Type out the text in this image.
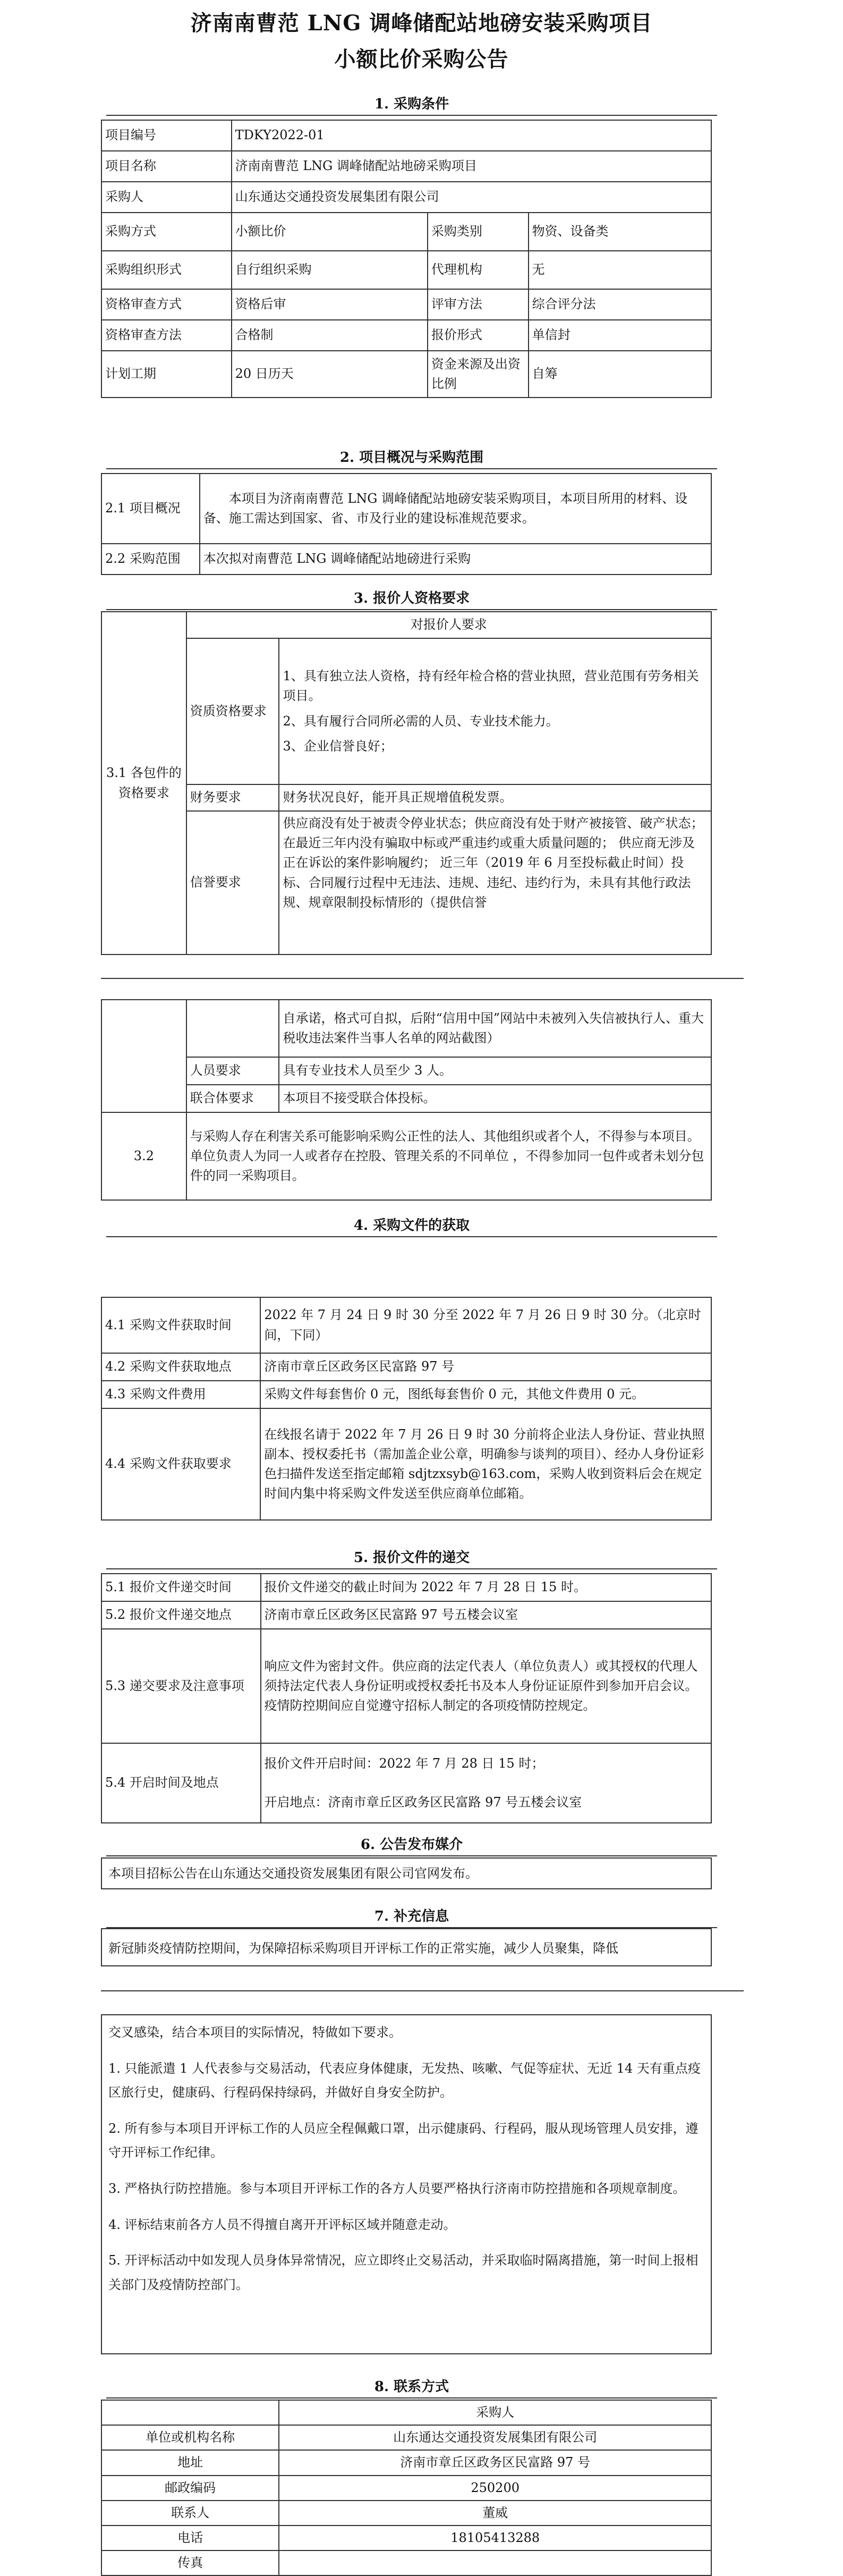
济南南曹范 LNG 调峰储配站地磅安装采购项目
小额比价采购公告
1. 采购条件
项目编号	TDKY2022-01		
项目名称	济南南曹范 LNG 调峰储配站地磅采购项目		
采购人	山东通达交通投资发展集团有限公司		
采购方式	小额比价	采购类别	物资、设备类
采购组织形式	自行组织采购	代理机构	无
资格审查方式	资格后审	评审方法	综合评分法
资格审查方法	合格制	报价形式	单信封
计划工期	20 日历天	资金来源及出资比例	自筹
2. 项目概况与采购范围
2.1 项目概况	本项目为济南南曹范 LNG 调峰储配站地磅安装采购项目，本项目所用的材料、设备、施工需达到国家、省、市及行业的建设标准规范要求。
2.2 采购范围	本次拟对南曹范 LNG 调峰储配站地磅进行采购
3. 报价人资格要求
3.1 各包件的资格要求	对报价人要求	
	资质资格要求	1、具有独立法人资格，持有经年检合格的营业执照，营业范围有劳务相关项目。
2、具有履行合同所必需的人员、专业技术能力。
3、企业信誉良好；

	财务要求	财务状况良好，能开具正规增值税发票。
	信誉要求	供应商没有处于被责令停业状态；供应商没有处于财产被接管、破产状态； 在最近三年内没有骗取中标或严重违约或重大质量问题的； 供应商无涉及正在诉讼的案件影响履约； 近三年（2019 年 6 月至投标截止时间）投标、合同履行过程中无违法、违规、违纪、违约行为，未具有其他行政法规、规章限制投标情形的（提供信誉
		自承诺，格式可自拟，后附“信用中国”网站中未被列入失信被执行人、重大税收违法案件当事人名单的网站截图）
	人员要求	具有专业技术人员至少 3 人。
	联合体要求	本项目不接受联合体投标。
3.2	与采购人存在利害关系可能影响采购公正性的法人、其他组织或者个人，不得参与本项目。单位负责人为同一人或者存在控股、管理关系的不同单位 ，不得参加同一包件或者未划分包件的同一采购项目。	
4. 采购文件的获取
4.1 采购文件获取时间	2022 年 7 月 24 日 9 时 30 分至 2022 年 7 月 26 日 9 时 30 分。（北京时间，下同）
4.2 采购文件获取地点	济南市章丘区政务区民富路 97 号
4.3 采购文件费用	采购文件每套售价 0 元，图纸每套售价 0 元，其他文件费用 0 元。
4.4 采购文件获取要求	在线报名请于 2022 年 7 月 26 日 9 时 30 分前将企业法人身份证、营业执照副本、授权委托书（需加盖企业公章，明确参与谈判的项目）、经办人身份证彩色扫描件发送至指定邮箱 sdjtzxsyb@163.com，采购人收到资料后会在规定时间内集中将采购文件发送至供应商单位邮箱。
5. 报价文件的递交
5.1 报价文件递交时间	报价文件递交的截止时间为 2022 年 7 月 28 日 15 时。
5.2 报价文件递交地点	济南市章丘区政务区民富路 97 号五楼会议室
5.3 递交要求及注意事项	响应文件为密封文件。供应商的法定代表人（单位负责人）或其授权的代理人须持法定代表人身份证明或授权委托书及本人身份证证原件到参加开启会议。疫情防控期间应自觉遵守招标人制定的各项疫情防控规定。
5.4 开启时间及地点	报价文件开启时间：2022 年 7 月 28 日 15 时；
开启地点：济南市章丘区政务区民富路 97 号五楼会议室
6. 公告发布媒介
本项目招标公告在山东通达交通投资发展集团有限公司官网发布。
7. 补充信息
新冠肺炎疫情防控期间，为保障招标采购项目开评标工作的正常实施，减少人员聚集，降低

交叉感染，结合本项目的实际情况，特做如下要求。

1. 只能派遣 1 人代表参与交易活动，代表应身体健康，无发热、咳嗽、气促等症状、无近 14 天有重点疫区旅行史，健康码、行程码保持绿码，并做好自身安全防护。

2. 所有参与本项目开评标工作的人员应全程佩戴口罩，出示健康码、行程码，服从现场管理人员安排，遵守开评标工作纪律。

3. 严格执行防控措施。参与本项目开评标工作的各方人员要严格执行济南市防控措施和各项规章制度。

4. 评标结束前各方人员不得擅自离开开评标区域并随意走动。

5. 开评标活动中如发现人员身体异常情况，应立即终止交易活动，并采取临时隔离措施，第一时间上报相关部门及疫情防控部门。

8. 联系方式
	采购人
单位或机构名称	山东通达交通投资发展集团有限公司
地址	济南市章丘区政务区民富路 97 号
邮政编码	250200
联系人	董威
电话	18105413288
传真	
